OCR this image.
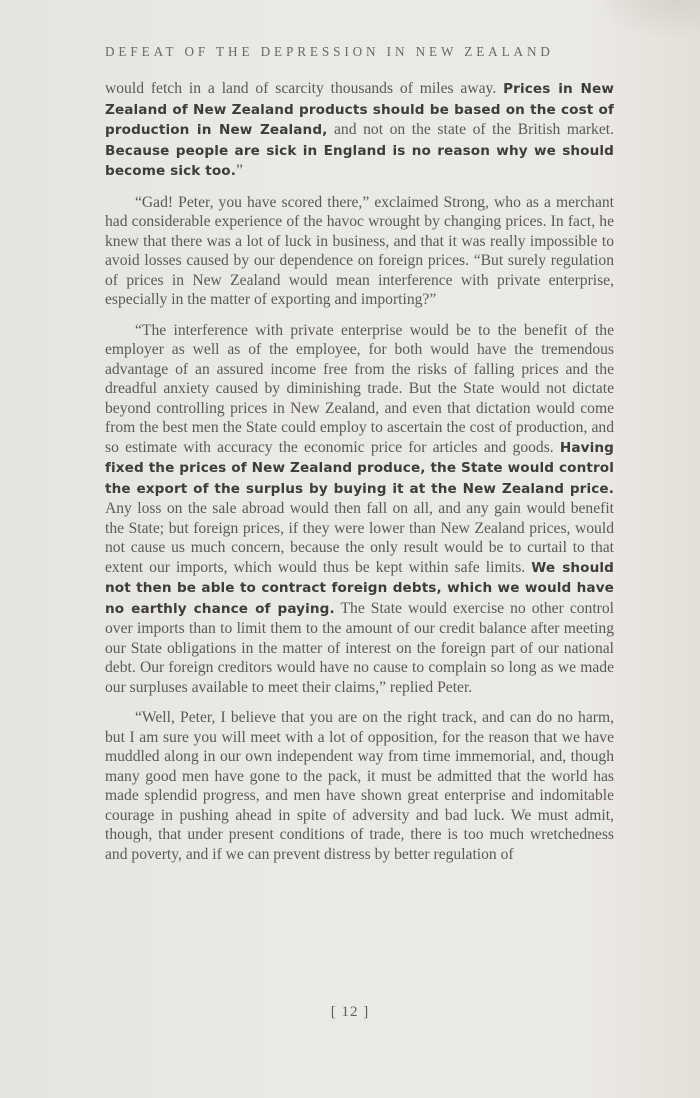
DEFEAT OF THE DEPRESSION IN NEW ZEALAND

would fetch in a land of scarcity thousands of miles away. Prices in New Zealand of New Zealand products should be based on the cost of production in New Zealand, and not on the state of the British market. Because people are sick in England is no reason why we should become sick too.”

“Gad! Peter, you have scored there,” exclaimed Strong, who as a merchant had considerable experience of the havoc wrought by changing prices. In fact, he knew that there was a lot of luck in business, and that it was really impossible to avoid losses caused by our dependence on foreign prices. “But surely regulation of prices in New Zealand would mean interference with private enterprise, especially in the matter of exporting and importing?”

“The interference with private enterprise would be to the benefit of the employer as well as of the employee, for both would have the tremendous advantage of an assured income free from the risks of falling prices and the dreadful anxiety caused by diminishing trade. But the State would not dictate beyond controlling prices in New Zealand, and even that dictation would come from the best men the State could employ to ascertain the cost of production, and so estimate with accuracy the economic price for articles and goods. Having fixed the prices of New Zealand produce, the State would control the export of the surplus by buying it at the New Zealand price. Any loss on the sale abroad would then fall on all, and any gain would benefit the State; but foreign prices, if they were lower than New Zealand prices, would not cause us much concern, because the only result would be to curtail to that extent our imports, which would thus be kept within safe limits. We should not then be able to contract foreign debts, which we would have no earthly chance of paying. The State would exercise no other control over imports than to limit them to the amount of our credit balance after meeting our State obligations in the matter of interest on the foreign part of our national debt. Our foreign creditors would have no cause to complain so long as we made our surpluses available to meet their claims,” replied Peter.

“Well, Peter, I believe that you are on the right track, and can do no harm, but I am sure you will meet with a lot of opposition, for the reason that we have muddled along in our own independent way from time immemorial, and, though many good men have gone to the pack, it must be admitted that the world has made splendid progress, and men have shown great enterprise and indomitable courage in pushing ahead in spite of adversity and bad luck. We must admit, though, that under present conditions of trade, there is too much wretchedness and poverty, and if we can prevent distress by better regulation of

[ 12 ]
